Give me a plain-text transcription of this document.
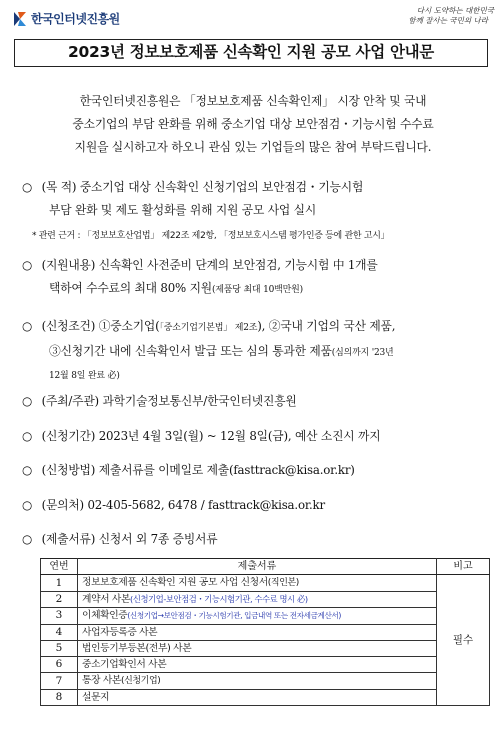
한국인터넷진흥원
다시 도약하는 대한민국
함께 잘사는 국민의 나라
2023년 정보보호제품 신속확인 지원 공모 사업 안내문
한국인터넷진흥원은 「정보보호제품 신속확인제」 시장 안착 및 국내
중소기업의 부담 완화를 위해 중소기업 대상 보안점검・기능시험 수수료
지원을 실시하고자 하오니 관심 있는 기업들의 많은 참여 부탁드립니다.
○ (목 적) 중소기업 대상 신속확인 신청기업의 보안점검・기능시험
부담 완화 및 제도 활성화를 위해 지원 공모 사업 실시
* 관련 근거 : 「정보보호산업법」 제22조 제2항, 「정보보호시스템 평가인증 등에 관한 고시」
○ (지원내용) 신속확인 사전준비 단계의 보안점검, 기능시험 中 1개를
택하여 수수료의 최대 80% 지원(제품당 최대 10백만원)
○ (신청조건) ①중소기업(「중소기업기본법」 제2조), ②국내 기업의 국산 제품,
③신청기간 내에 신속확인서 발급 또는 심의 통과한 제품(심의까지 '23년
12월 8일 완료 必)
○ (주최/주관) 과학기술정보통신부/한국인터넷진흥원
○ (신청기간) 2023년 4월 3일(월) ~ 12월 8일(금), 예산 소진시 까지
○ (신청방법) 제출서류를 이메일로 제출(fasttrack@kisa.or.kr)
○ (문의처) 02-405-5682, 6478 / fasttrack@kisa.or.kr
○ (제출서류) 신청서 외 7종 증빙서류
연번	제출서류	비고
1	정보보호제품 신속확인 지원 공모 사업 신청서(직인본)	필수
2	계약서 사본(신청기업-보안점검・기능시험기관, 수수료 명시 必)	
3	이체확인증(신청기업→보안점검・기능시험기관, 입금내역 또는 전자세금계산서)	
4	사업자등록증 사본	
5	법인등기부등본(전부) 사본	
6	중소기업확인서 사본	
7	통장 사본(신청기업)	
8	설문지	
